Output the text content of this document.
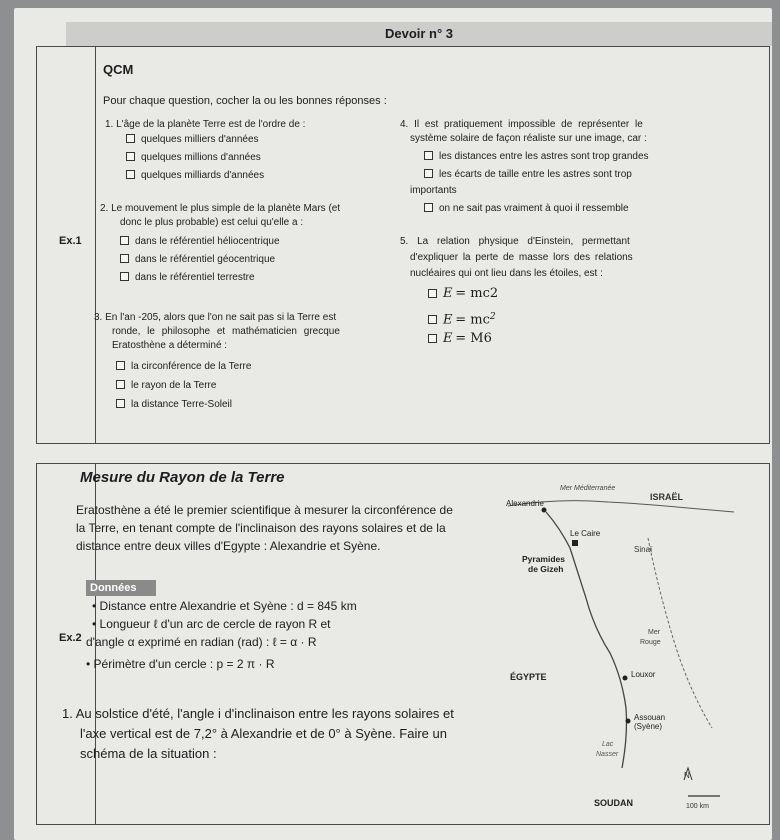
Devoir n° 3
Ex.1
QCM
Pour chaque question, cocher la ou les bonnes réponses :
1. L'âge de la planète Terre est de l'ordre de :
quelques milliers d'années
quelques millions d'années
quelques milliards d'années
2. Le mouvement le plus simple de la planète Mars (et
donc le plus probable) est celui qu'elle a :
dans le référentiel héliocentrique
dans le référentiel géocentrique
dans le référentiel terrestre
3. En l'an -205, alors que l'on ne sait pas si la Terre est
ronde, le philosophe et mathématicien grecque
Eratosthène a déterminé :
la circonférence de la Terre
le rayon de la Terre
la distance Terre-Soleil
4. Il est pratiquement impossible de représenter le
système solaire de façon réaliste sur une image, car :
les distances entre les astres sont trop grandes
les écarts de taille entre les astres sont trop
importants
on ne sait pas vraiment à quoi il ressemble
5. La relation physique d'Einstein, permettant
d'expliquer la perte de masse lors des relations
nucléaires qui ont lieu dans les étoiles, est :
E = mc2
$E = mc^2$
E = M6
Ex.2
Mesure du Rayon de la Terre
Eratosthène a été le premier scientifique à mesurer la circonférence de
la Terre, en tenant compte de l'inclinaison des rayons solaires et de la
distance entre deux villes d'Egypte : Alexandrie et Syène.
Données
• Distance entre Alexandrie et Syène : d = 845 km
• Longueur ℓ d'un arc de cercle de rayon R et
d'angle α exprimé en radian (rad) : ℓ = α · R
• Périmètre d'un cercle : p = 2 π · R
1. Au solstice d'été, l'angle i d'inclinaison entre les rayons solaires et
l'axe vertical est de 7,2° à Alexandrie et de 0° à Syène. Faire un
schéma de la situation :
Mer Méditerranée
ISRAËL
Alexandrie
Le Caire
Sinaï
Pyramides
de Gizeh
Mer
Rouge
ÉGYPTE	Louxor
Assouan
(Syène)
Lac
Nasser
N
SOUDAN	100 km
